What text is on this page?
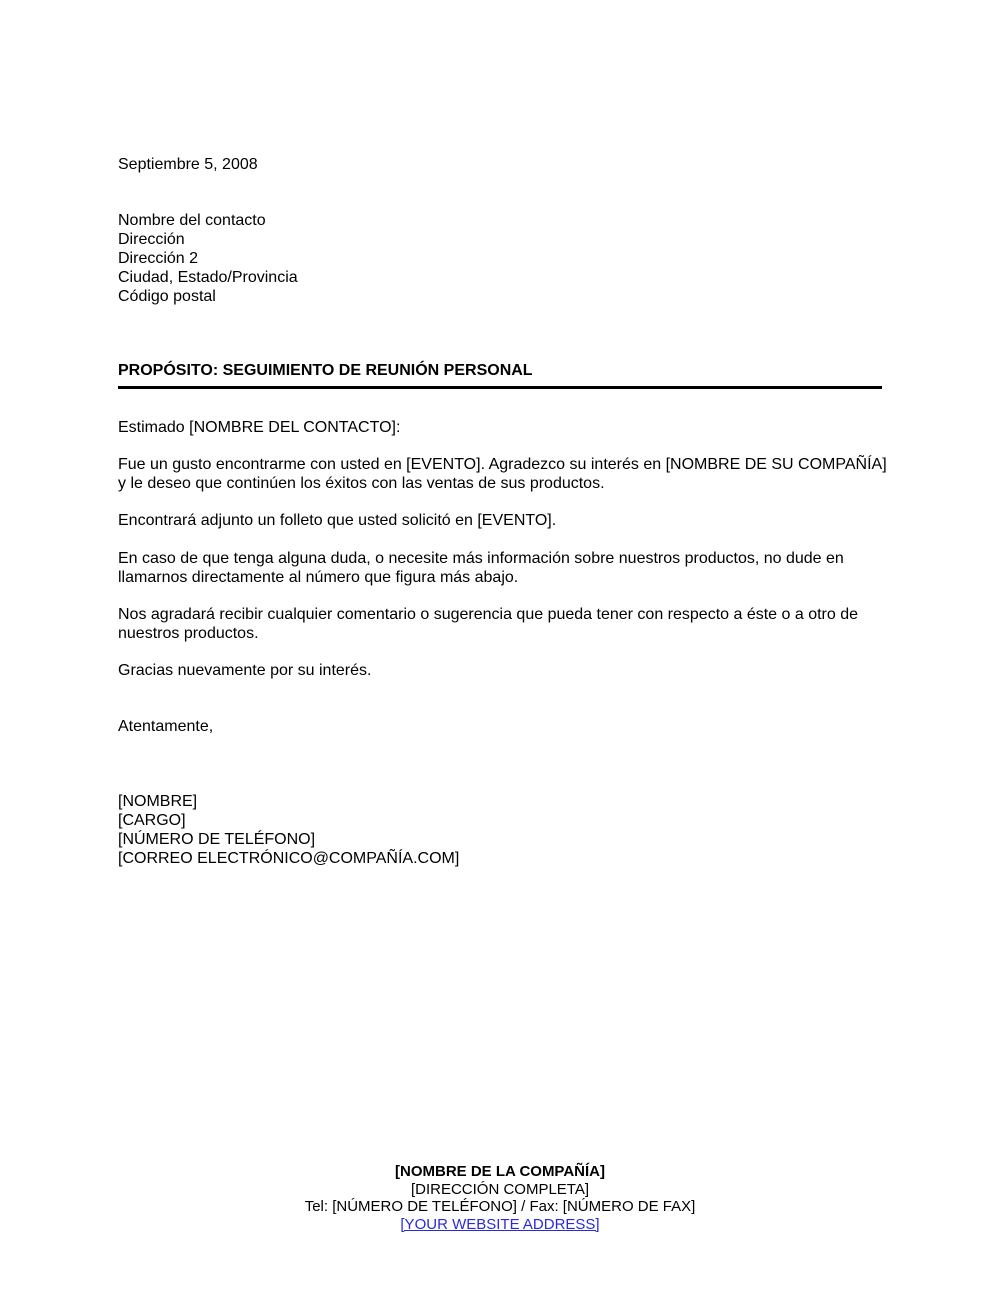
Septiembre 5, 2008
Nombre del contacto
Dirección
Dirección 2
Ciudad, Estado/Provincia
Código postal
PROPÓSITO: SEGUIMIENTO DE REUNIÓN PERSONAL
Estimado [NOMBRE DEL CONTACTO]:
Fue un gusto encontrarme con usted en [EVENTO]. Agradezco su interés en [NOMBRE DE SU COMPAÑÍA] y le deseo que continúen los éxitos con las ventas de sus productos.
Encontrará adjunto un folleto que usted solicitó en [EVENTO].
En caso de que tenga alguna duda, o necesite más información sobre nuestros productos, no dude en llamarnos directamente al número que figura más abajo.
Nos agradará recibir cualquier comentario o sugerencia que pueda tener con respecto a éste o a otro de nuestros productos.
Gracias nuevamente por su interés.
Atentamente,
[NOMBRE]
[CARGO]
[NÚMERO DE TELÉFONO]
[CORREO ELECTRÓNICO@COMPAÑÍA.COM]
[NOMBRE DE LA COMPAÑÍA]
[DIRECCIÓN COMPLETA]
Tel: [NÚMERO DE TELÉFONO] / Fax: [NÚMERO DE FAX]
[YOUR WEBSITE ADDRESS]
